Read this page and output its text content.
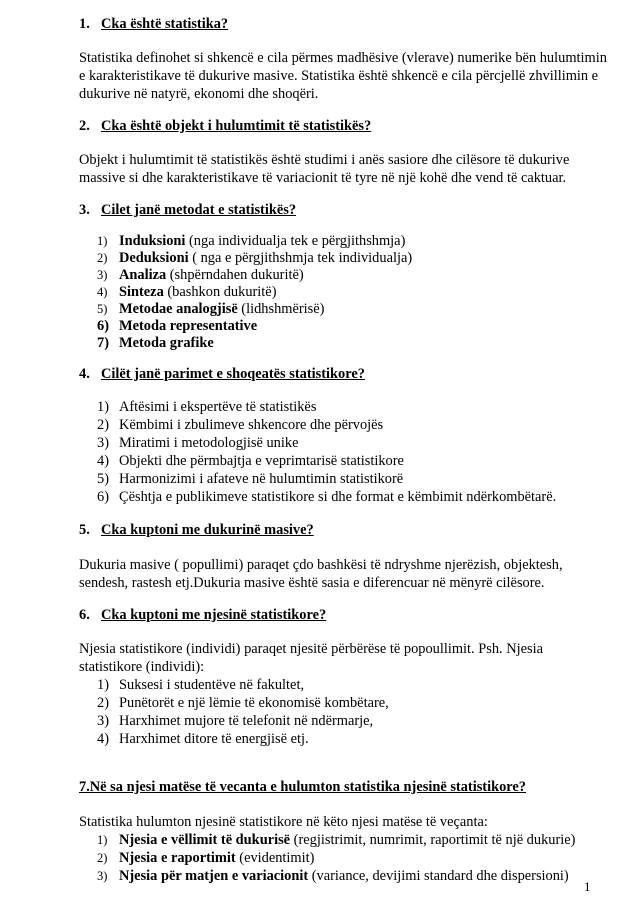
1. Cka është statistika?
Statistika definohet si shkencë e cila përmes madhësive (vlerave) numerike bën hulumtimin
e karakteristikave të dukurive masive. Statistika është shkencë e cila përcjellë zhvillimin e
dukurive në natyrë, ekonomi dhe shoqëri.
2. Cka është objekt i hulumtimit të statistikës?
Objekt i hulumtimit të statistikës është studimi i anës sasiore dhe cilësore të dukurive
massive si dhe karakteristikave të variacionit të tyre në një kohë dhe vend të caktuar.
3. Cilet janë metodat e statistikës?
1) Induksioni (nga individualja tek e përgjithshmja)
2) Deduksioni ( nga e përgjithshmja tek individualja)
3) Analiza (shpërndahen dukuritë)
4) Sinteza (bashkon dukuritë)
5) Metodae analogjisë (lidhshmërisë)
6) Metoda representative
7) Metoda grafike
4. Cilët janë parimet e shoqeatës statistikore?
1) Aftësimi i ekspertëve të statistikës
2) Këmbimi i zbulimeve shkencore dhe përvojës
3) Miratimi i metodologjisë unike
4) Objekti dhe përmbajtja e veprimtarisë statistikore
5) Harmonizimi i afateve në hulumtimin statistikorë
6) Çështja e publikimeve statistikore si dhe format e këmbimit ndërkombëtarë.
5. Cka kuptoni me dukurinë masive?
Dukuria masive ( popullimi) paraqet çdo bashkësi të ndryshme njerëzish, objektesh,
sendesh, rastesh etj.Dukuria masive është sasia e diferencuar në mënyrë cilësore.
6. Cka kuptoni me njesinë statistikore?
Njesia statistikore (individi) paraqet njesitë përbërëse të popoullimit. Psh. Njesia
statistikore (individi):
1) Suksesi i studentëve në fakultet,
2) Punëtorët e një lëmie të ekonomisë kombëtare,
3) Harxhimet mujore të telefonit në ndërmarje,
4) Harxhimet ditore të energjisë etj.
7.Në sa njesi matëse të vecanta e hulumton statistika njesinë statistikore?
Statistika hulumton njesinë statistikore në këto njesi matëse të veçanta:
1) Njesia e vëllimit të dukurisë (regjistrimit, numrimit, raportimit të një dukurie)
2) Njesia e raportimit (evidentimit)
3) Njesia për matjen e variacionit (variance, devijimi standard dhe dispersioni)
1
